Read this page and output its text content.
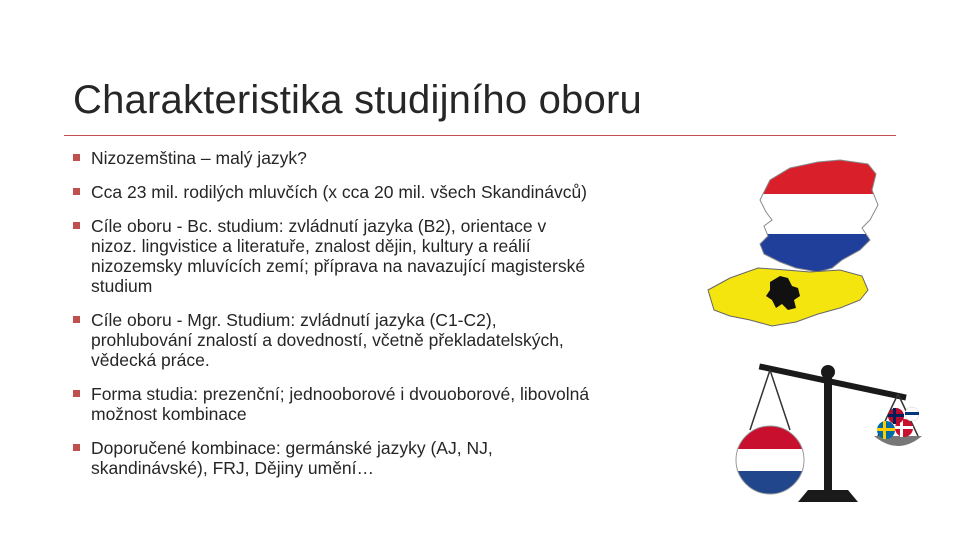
Charakteristika studijního oboru
Nizozemština – malý jazyk?
Cca 23 mil. rodilých mluvčích (x cca 20 mil. všech Skandinávců)
Cíle oboru - Bc. studium: zvládnutí jazyka (B2), orientace v nizoz. lingvistice a literatuře, znalost dějin, kultury a reálií nizozemsky mluvících zemí; příprava na navazující magisterské studium
Cíle oboru - Mgr. Studium: zvládnutí jazyka (C1-C2), prohlubování znalostí a dovedností, včetně překladatelských, vědecká práce.
Forma studia: prezenční; jednooborové i dvouoborové, libovolná možnost kombinace
Doporučené kombinace: germánské jazyky (AJ, NJ, skandinávské), FRJ, Dějiny umění…
